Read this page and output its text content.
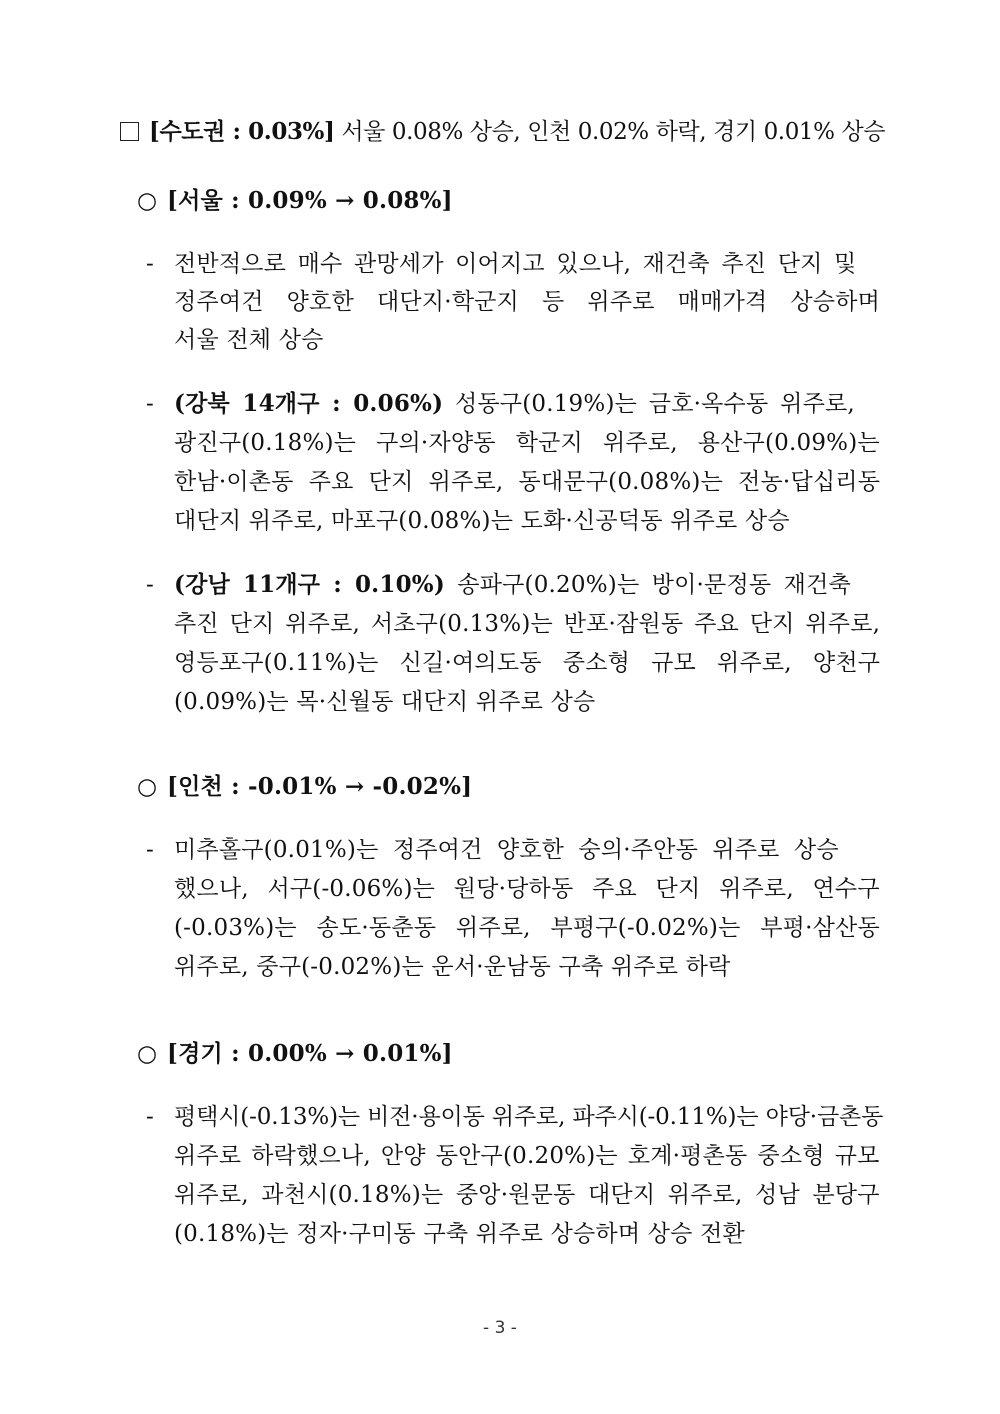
[수도권 : 0.03%] 서울 0.08% 상승, 인천 0.02% 하락, 경기 0.01% 상승
○ [서울 : 0.09% → 0.08%]
- 전반적으로 매수 관망세가 이어지고 있으나, 재건축 추진 단지 및
정주여건 양호한 대단지·학군지 등 위주로 매매가격 상승하며
서울 전체 상승
- (강북 14개구 : 0.06%) 성동구(0.19%)는 금호·옥수동 위주로,
광진구(0.18%)는 구의·자양동 학군지 위주로, 용산구(0.09%)는
한남·이촌동 주요 단지 위주로, 동대문구(0.08%)는 전농·답십리동
대단지 위주로, 마포구(0.08%)는 도화·신공덕동 위주로 상승
- (강남 11개구 : 0.10%) 송파구(0.20%)는 방이·문정동 재건축
추진 단지 위주로, 서초구(0.13%)는 반포·잠원동 주요 단지 위주로,
영등포구(0.11%)는 신길·여의도동 중소형 규모 위주로, 양천구
(0.09%)는 목·신월동 대단지 위주로 상승
○ [인천 : -0.01% → -0.02%]
- 미추홀구(0.01%)는 정주여건 양호한 숭의·주안동 위주로 상승
했으나, 서구(-0.06%)는 원당·당하동 주요 단지 위주로, 연수구
(-0.03%)는 송도·동춘동 위주로, 부평구(-0.02%)는 부평·삼산동
위주로, 중구(-0.02%)는 운서·운남동 구축 위주로 하락
○ [경기 : 0.00% → 0.01%]
- 평택시(-0.13%)는 비전·용이동 위주로, 파주시(-0.11%)는 야당·금촌동
위주로 하락했으나, 안양 동안구(0.20%)는 호계·평촌동 중소형 규모
위주로, 과천시(0.18%)는 중앙·원문동 대단지 위주로, 성남 분당구
(0.18%)는 정자·구미동 구축 위주로 상승하며 상승 전환
- 3 -
